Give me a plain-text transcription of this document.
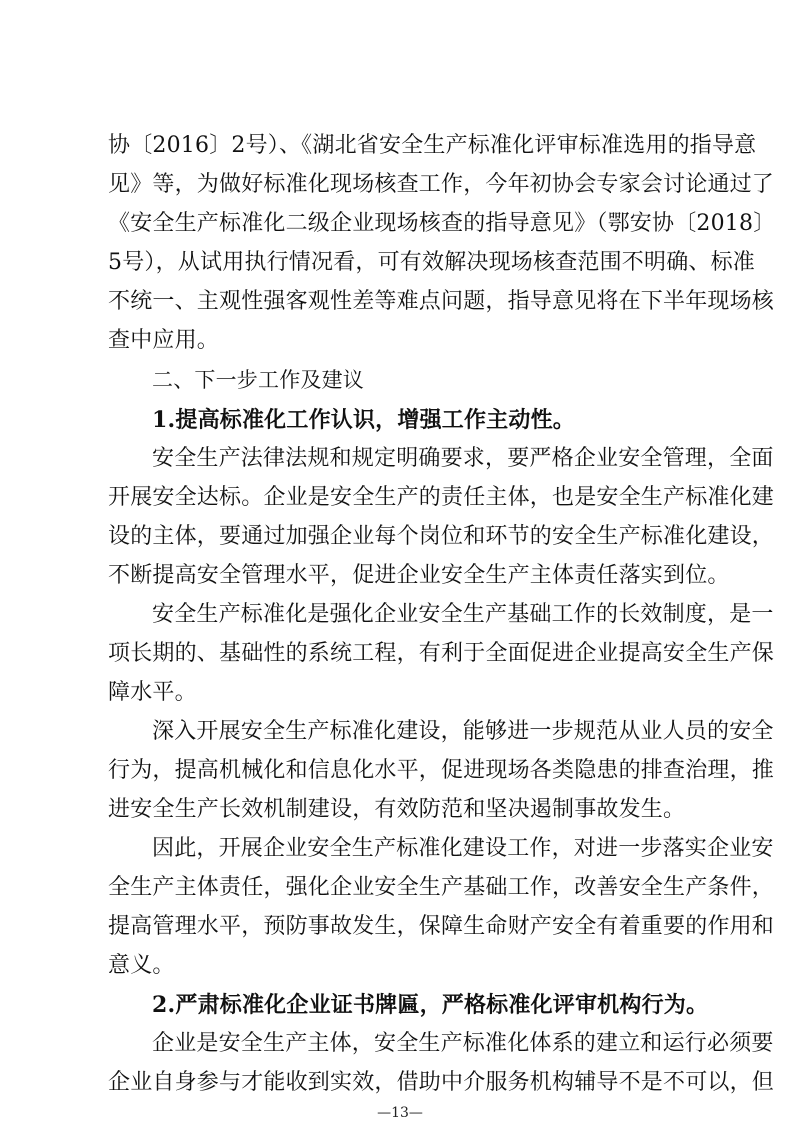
协〔2016〕2号）、《湖北省安全生产标准化评审标准选用的指导意
见》等，为做好标准化现场核查工作，今年初协会专家会讨论通过了
《安全生产标准化二级企业现场核查的指导意见》（鄂安协〔2018〕
5号），从试用执行情况看，可有效解决现场核查范围不明确、标准
不统一、主观性强客观性差等难点问题，指导意见将在下半年现场核
查中应用。
二、下一步工作及建议
1.提高标准化工作认识，增强工作主动性。
安全生产法律法规和规定明确要求，要严格企业安全管理，全面
开展安全达标。企业是安全生产的责任主体，也是安全生产标准化建
设的主体，要通过加强企业每个岗位和环节的安全生产标准化建设，
不断提高安全管理水平，促进企业安全生产主体责任落实到位。
安全生产标准化是强化企业安全生产基础工作的长效制度，是一
项长期的、基础性的系统工程，有利于全面促进企业提高安全生产保
障水平。
深入开展安全生产标准化建设，能够进一步规范从业人员的安全
行为，提高机械化和信息化水平，促进现场各类隐患的排查治理，推
进安全生产长效机制建设，有效防范和坚决遏制事故发生。
因此，开展企业安全生产标准化建设工作，对进一步落实企业安
全生产主体责任，强化企业安全生产基础工作，改善安全生产条件，
提高管理水平，预防事故发生，保障生命财产安全有着重要的作用和
意义。
2.严肃标准化企业证书牌匾，严格标准化评审机构行为。
企业是安全生产主体，安全生产标准化体系的建立和运行必须要
企业自身参与才能收到实效，借助中介服务机构辅导不是不可以，但
—13—
